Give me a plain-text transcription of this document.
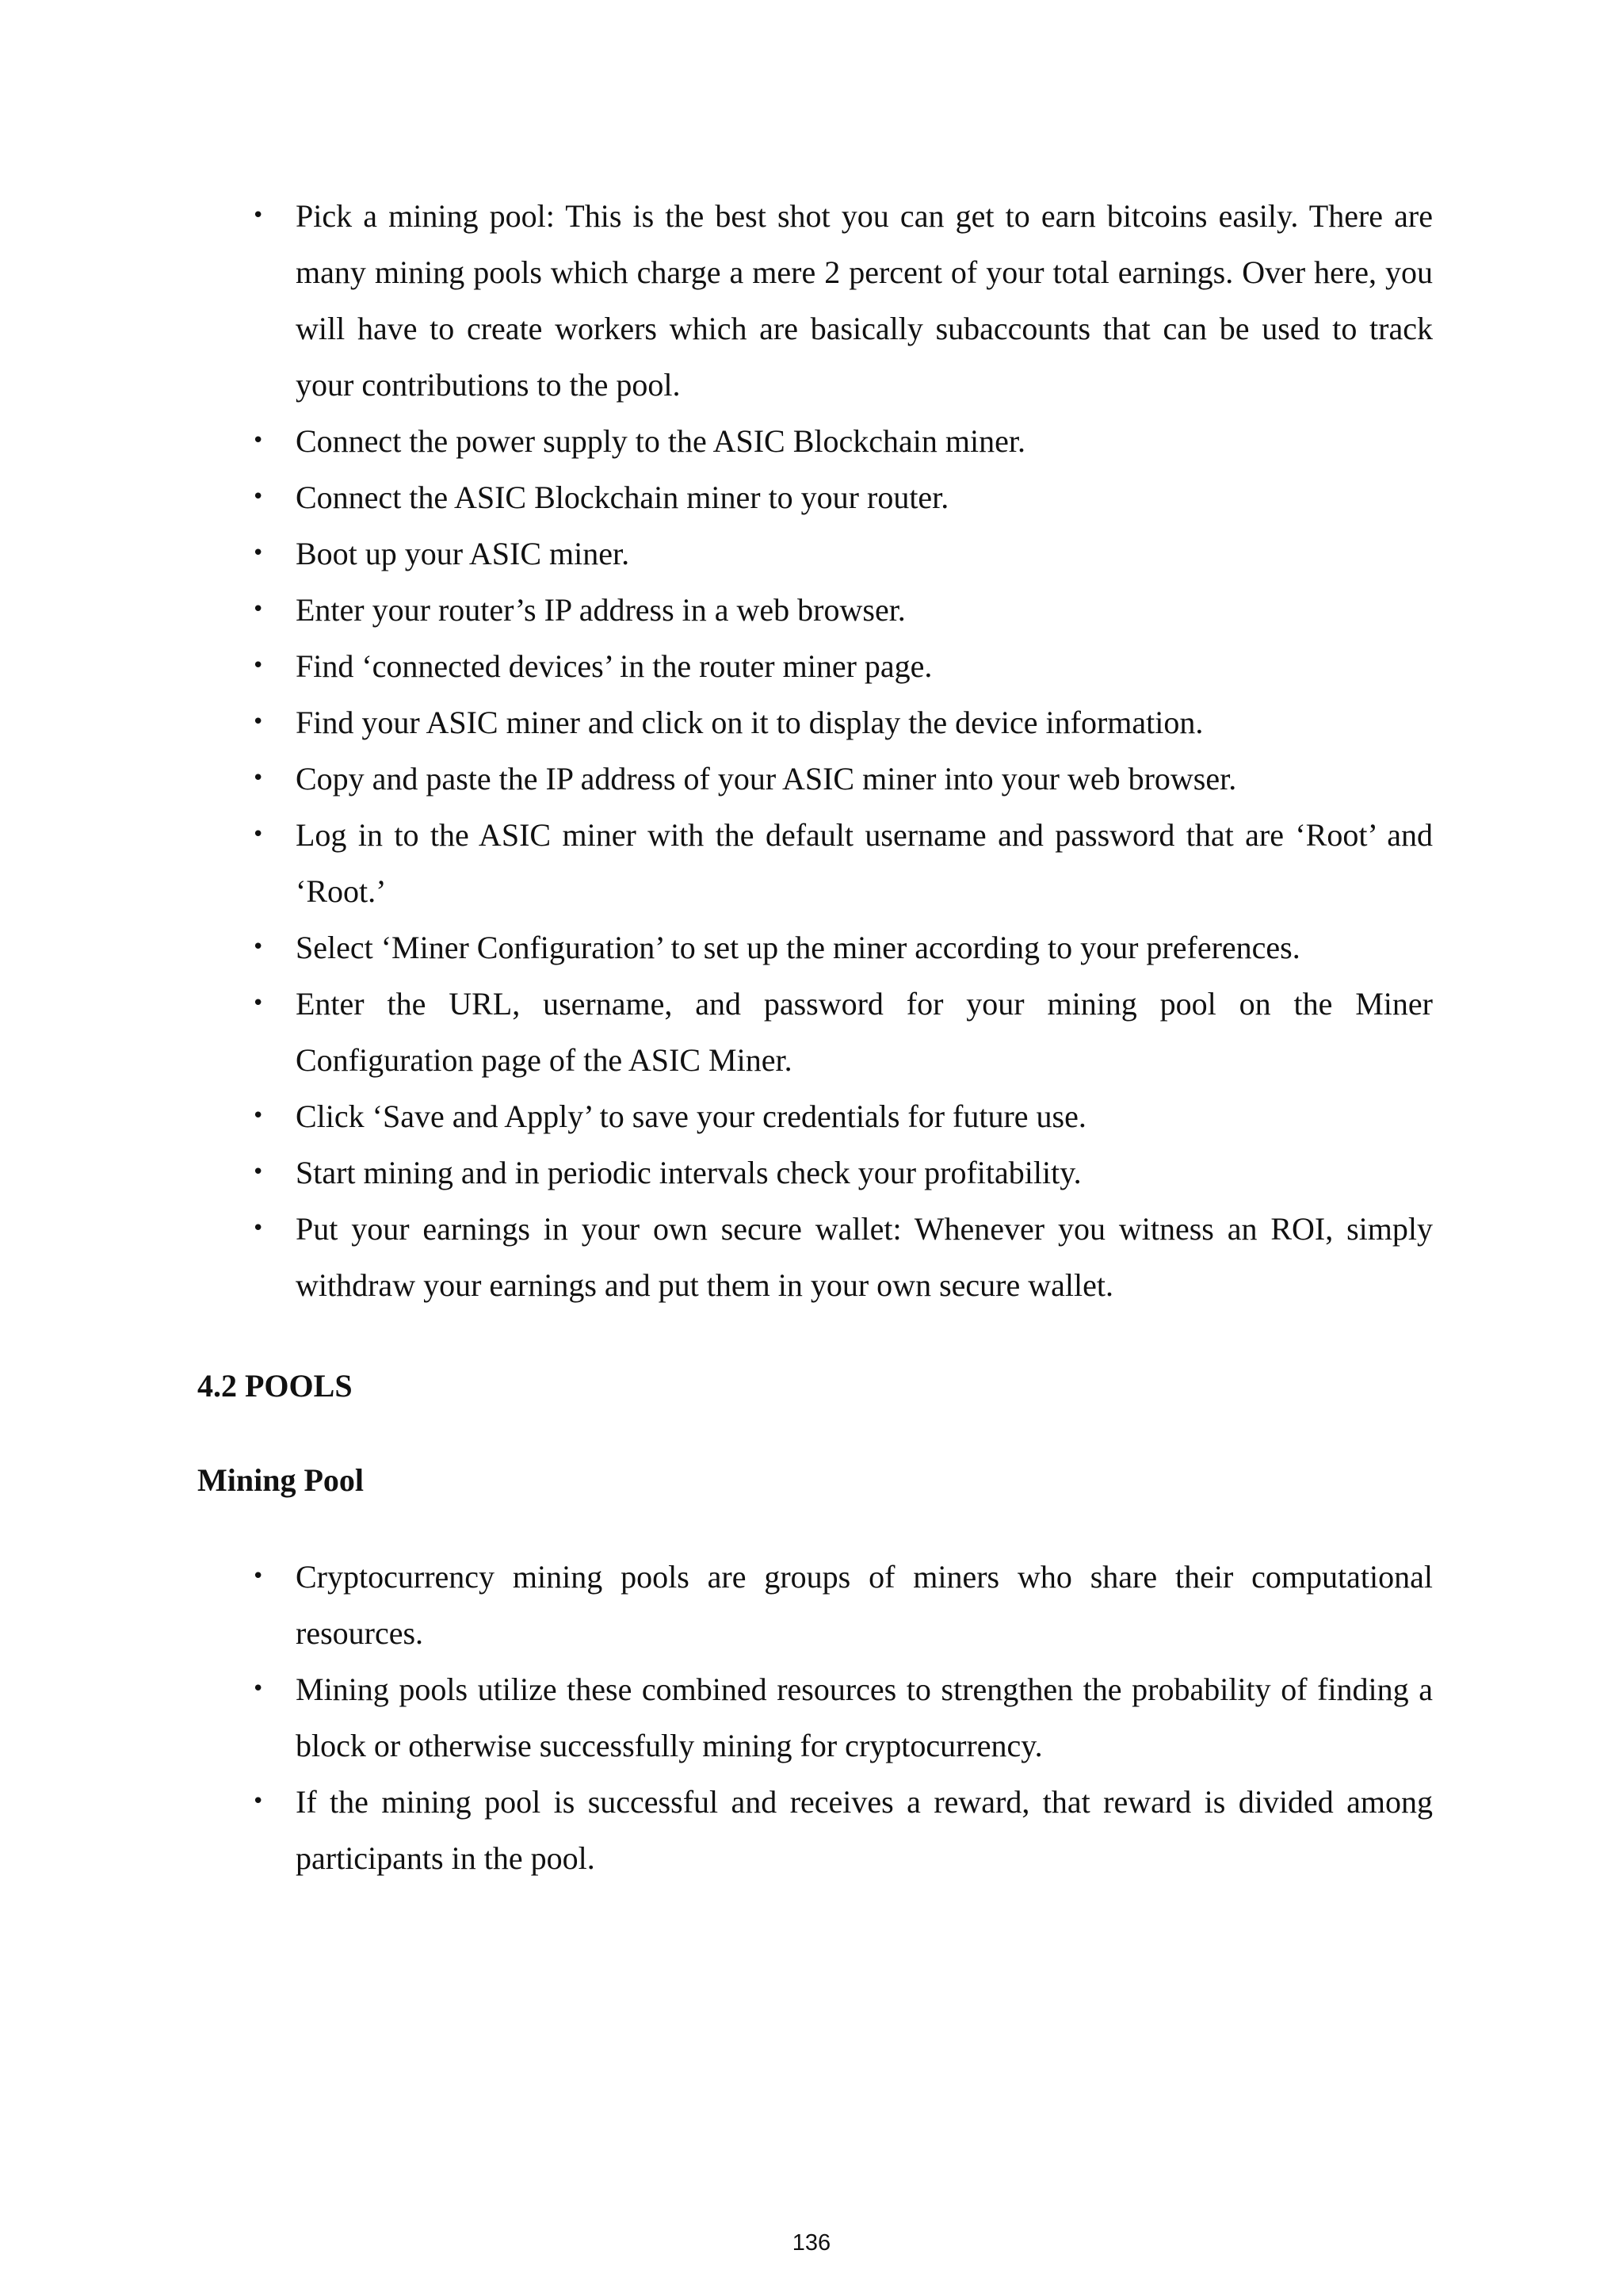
• Pick a mining pool: This is the best shot you can get to earn bitcoins easily. There are many mining pools which charge a mere 2 percent of your total earnings. Over here, you will have to create workers which are basically subaccounts that can be used to track your contributions to the pool.
• Connect the power supply to the ASIC Blockchain miner.
• Connect the ASIC Blockchain miner to your router.
• Boot up your ASIC miner.
• Enter your router’s IP address in a web browser.
• Find ‘connected devices’ in the router miner page.
• Find your ASIC miner and click on it to display the device information.
• Copy and paste the IP address of your ASIC miner into your web browser.
• Log in to the ASIC miner with the default username and password that are ‘Root’ and ‘Root.’
• Select ‘Miner Configuration’ to set up the miner according to your preferences.
• Enter the URL, username, and password for your mining pool on the Miner Configuration page of the ASIC Miner.
• Click ‘Save and Apply’ to save your credentials for future use.
• Start mining and in periodic intervals check your profitability.
• Put your earnings in your own secure wallet: Whenever you witness an ROI, simply withdraw your earnings and put them in your own secure wallet.
4.2 POOLS
Mining Pool
• Cryptocurrency mining pools are groups of miners who share their computational resources.
• Mining pools utilize these combined resources to strengthen the probability of finding a block or otherwise successfully mining for cryptocurrency.
• If the mining pool is successful and receives a reward, that reward is divided among participants in the pool.
136
